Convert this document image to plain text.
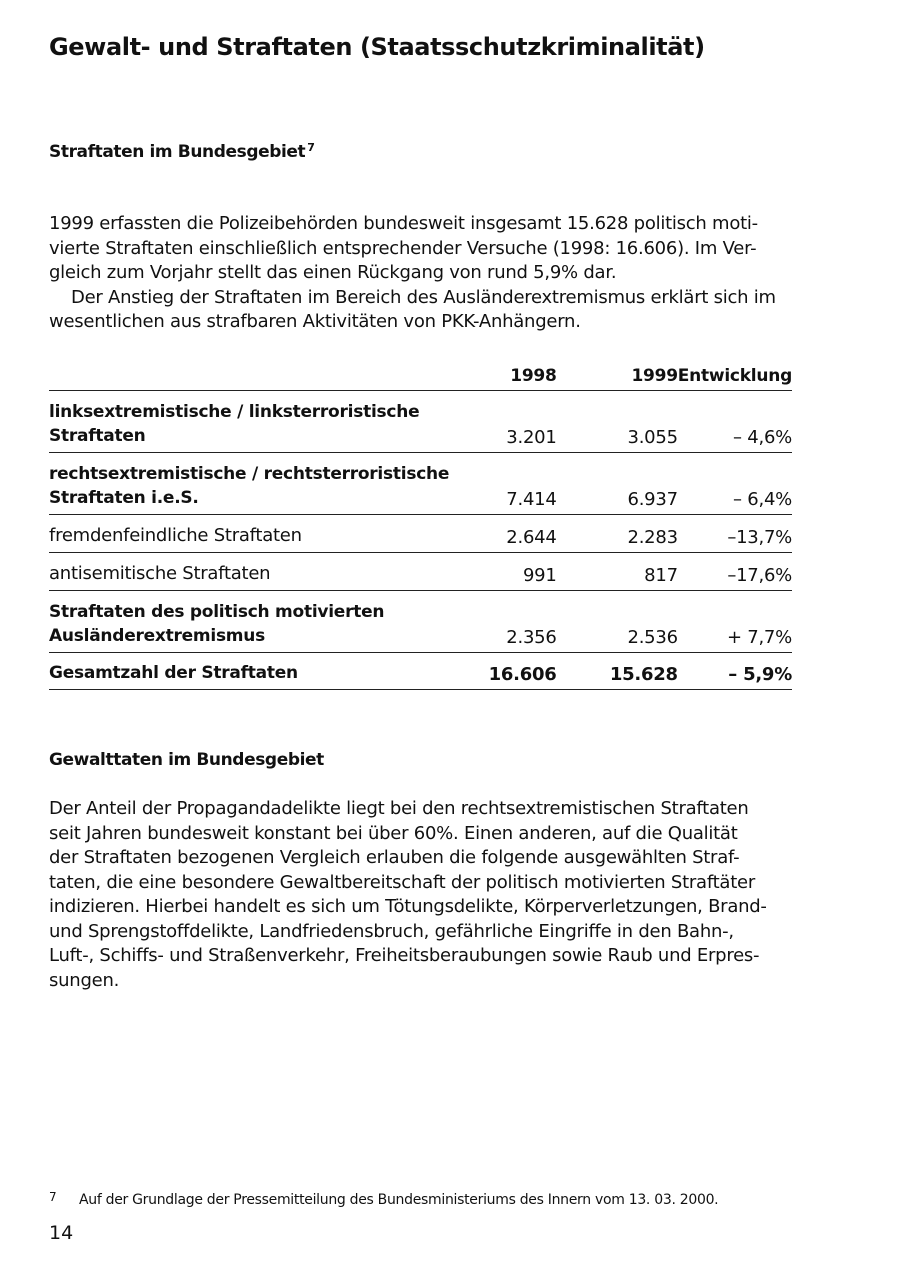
Gewalt- und Straftaten (Staatsschutzkriminalität)
Straftaten im Bundesgebiet $^7$

1999 erfassten die Polizeibehörden bundesweit insgesamt 15.628 politisch moti-
vierte Straftaten einschließlich entsprechender Versuche (1998: 16.606). Im Ver-
gleich zum Vorjahr stellt das einen Rückgang von rund 5,9% dar.
Der Anstieg der Straftaten im Bereich des Ausländerextremismus erklärt sich im
wesentlichen aus strafbaren Aktivitäten von PKK-Anhängern.

	1998	1999	Entwicklung

linksextremistische / linksterroristische
Straftaten	3.201	3.055	– 4,6%

rechtsextremistische / rechtsterroristische
Straftaten i.e.S.	7.414	6.937	– 6,4%
fremdenfeindliche Straftaten	2.644	2.283	–13,7%
antisemitische Straftaten	991	817	–17,6%

Straftaten des politisch motivierten
Ausländerextremismus	2.356	2.536	+ 7,7%
Gesamtzahl der Straftaten	16.606	15.628	– 5,9%
Gewalttaten im Bundesgebiet

Der Anteil der Propagandadelikte liegt bei den rechtsextremistischen Straftaten
seit Jahren bundesweit konstant bei über 60%. Einen anderen, auf die Qualität
der Straftaten bezogenen Vergleich erlauben die folgende ausgewählten Straf-
taten, die eine besondere Gewaltbereitschaft der politisch motivierten Straftäter
indizieren. Hierbei handelt es sich um Tötungsdelikte, Körperverletzungen, Brand-
und Sprengstoffdelikte, Landfriedensbruch, gefährliche Eingriffe in den Bahn-,
Luft-, Schiffs- und Straßenverkehr, Freiheitsberaubungen sowie Raub und Erpres-
sungen.

7 Auf der Grundlage der Pressemitteilung des Bundesministeriums des Innern vom 13. 03. 2000.

14
